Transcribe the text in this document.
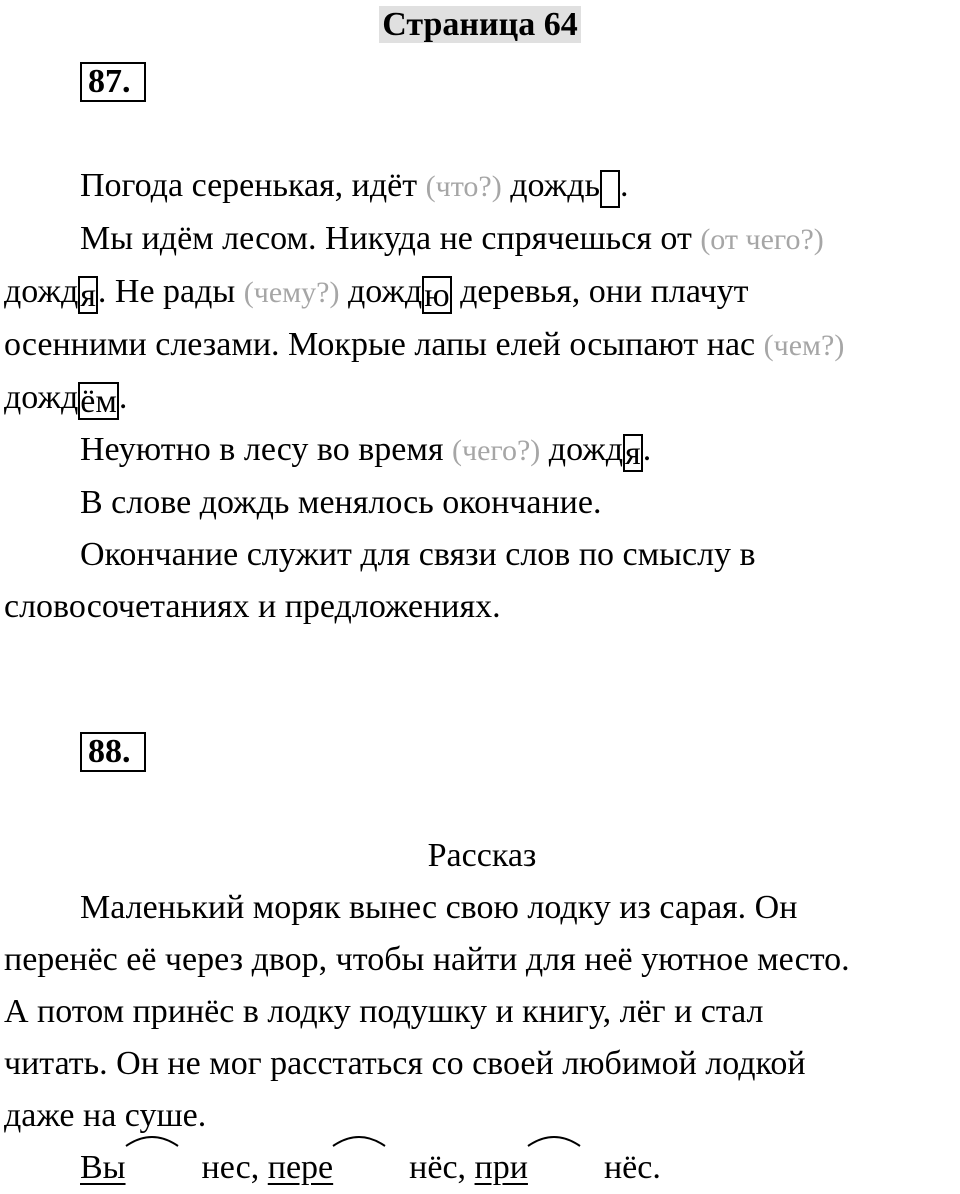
Страница 64
87.

Погода серенькая, идёт (что?) дождь .

Мы идём лесом. Никуда не спрячешься от (от чего?)

дождя. Не рады (чему?) дождю деревья, они плачут
осенними слезами. Мокрые лапы елей осыпают нас (чем?)
дождём.

Неуютно в лесу во время (чего?) дождя.

В слове дождь менялось окончание.

Окончание служит для связи слов по смыслу в

словосочетаниях и предложениях.
88.

Рассказ

Маленький моряк вынес свою лодку из сарая. Он

перенёс её через двор, чтобы найти для неё уютное место.
А потом принёс в лодку подушку и книгу, лёг и стал
читать. Он не мог расстаться со своей любимой лодкой
даже на суше.

Вы нес, пере нёс, при нёс.
